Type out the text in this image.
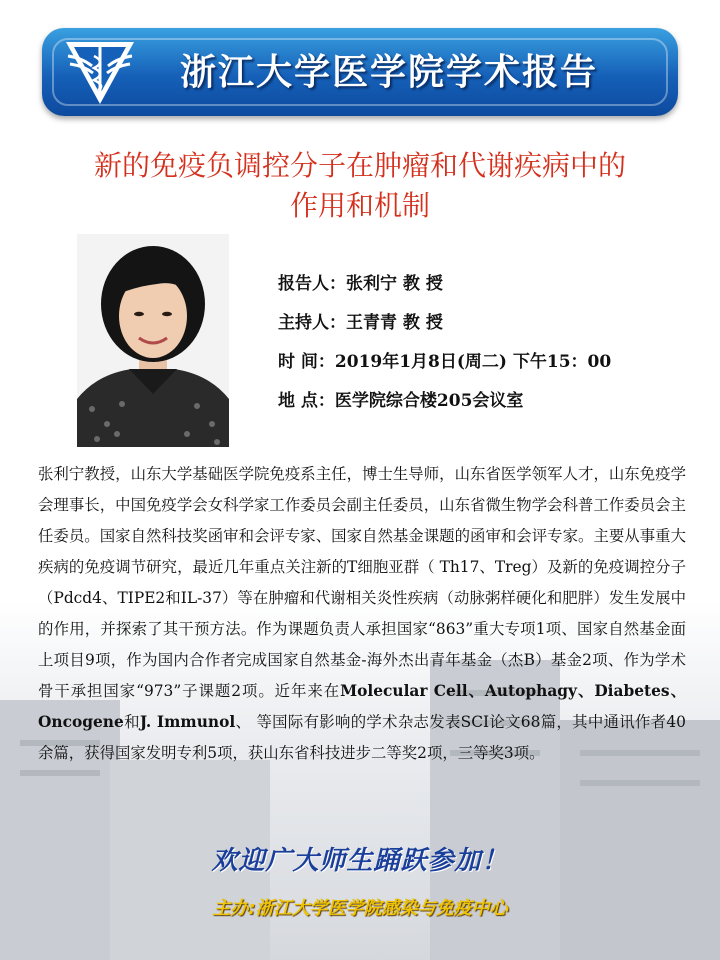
浙江大学医学院学术报告
新的免疫负调控分子在肿瘤和代谢疾病中的
作用和机制
报告人：张利宁 教 授
主持人：王青青 教 授
时 间：2019年1月8日(周二) 下午15：00
地 点：医学院综合楼205会议室
张利宁教授，山东大学基础医学院免疫系主任，博士生导师，山东省医学领军人才，山东免疫学会理事长，中国免疫学会女科学家工作委员会副主任委员，山东省微生物学会科普工作委员会主任委员。国家自然科技奖函审和会评专家、国家自然基金课题的函审和会评专家。主要从事重大疾病的免疫调节研究，最近几年重点关注新的T细胞亚群（ Th17、Treg）及新的免疫调控分子（Pdcd4、TIPE2和IL-37）等在肿瘤和代谢相关炎性疾病（动脉粥样硬化和肥胖）发生发展中的作用，并探索了其干预方法。作为课题负责人承担国家“863”重大专项1项、国家自然基金面上项目9项，作为国内合作者完成国家自然基金-海外杰出青年基金（杰B）基金2项、作为学术骨干承担国家“973”子课题2项。近年来在Molecular Cell、Autophagy、Diabetes、Oncogene和J. Immunol、 等国际有影响的学术杂志发表SCI论文68篇，其中通讯作者40余篇，获得国家发明专利5项，获山东省科技进步二等奖2项，三等奖3项。
欢迎广大师生踊跃参加！
主办:浙江大学医学院感染与免疫中心
